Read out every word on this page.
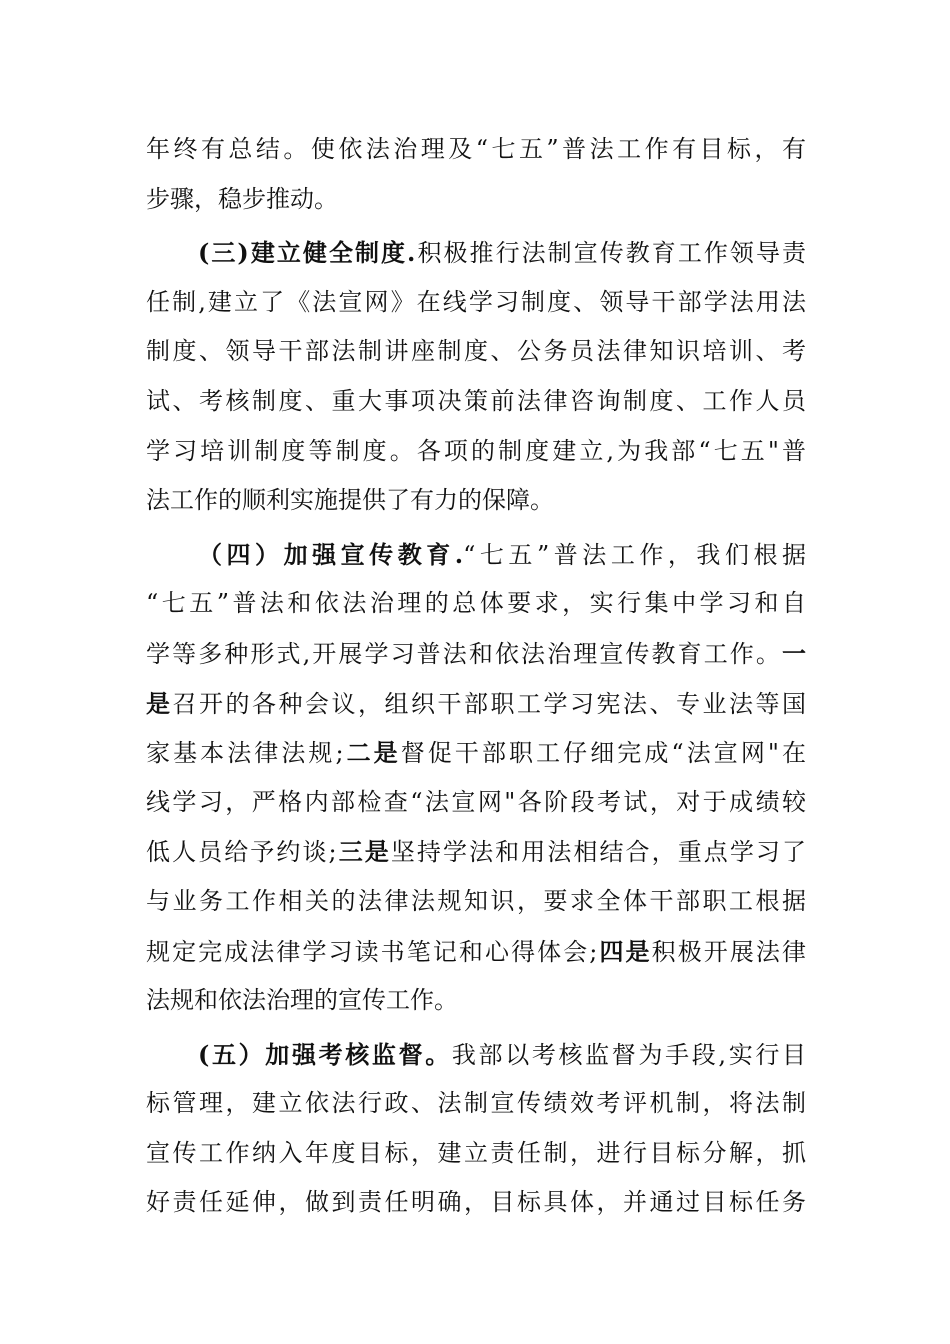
年终有总结。使依法治理及“七五”普法工作有目标，有
步骤，稳步推动。
(三)建立健全制度.积极推行法制宣传教育工作领导责
任制,建立了《法宣网》在线学习制度、领导干部学法用法
制度、领导干部法制讲座制度、公务员法律知识培训、考
试、考核制度、重大事项决策前法律咨询制度、工作人员
学习培训制度等制度。各项的制度建立,为我部“七五"普
法工作的顺利实施提供了有力的保障。
（四）加强宣传教育.“七五”普法工作，我们根据
“七五”普法和依法治理的总体要求，实行集中学习和自
学等多种形式,开展学习普法和依法治理宣传教育工作。一
是召开的各种会议，组织干部职工学习宪法、专业法等国
家基本法律法规;二是督促干部职工仔细完成“法宣网"在
线学习，严格内部检查“法宣网"各阶段考试，对于成绩较
低人员给予约谈;三是坚持学法和用法相结合，重点学习了
与业务工作相关的法律法规知识，要求全体干部职工根据
规定完成法律学习读书笔记和心得体会;四是积极开展法律
法规和依法治理的宣传工作。
(五）加强考核监督。我部以考核监督为手段,实行目
标管理，建立依法行政、法制宣传绩效考评机制，将法制
宣传工作纳入年度目标，建立责任制，进行目标分解，抓
好责任延伸，做到责任明确，目标具体，并通过目标任务
